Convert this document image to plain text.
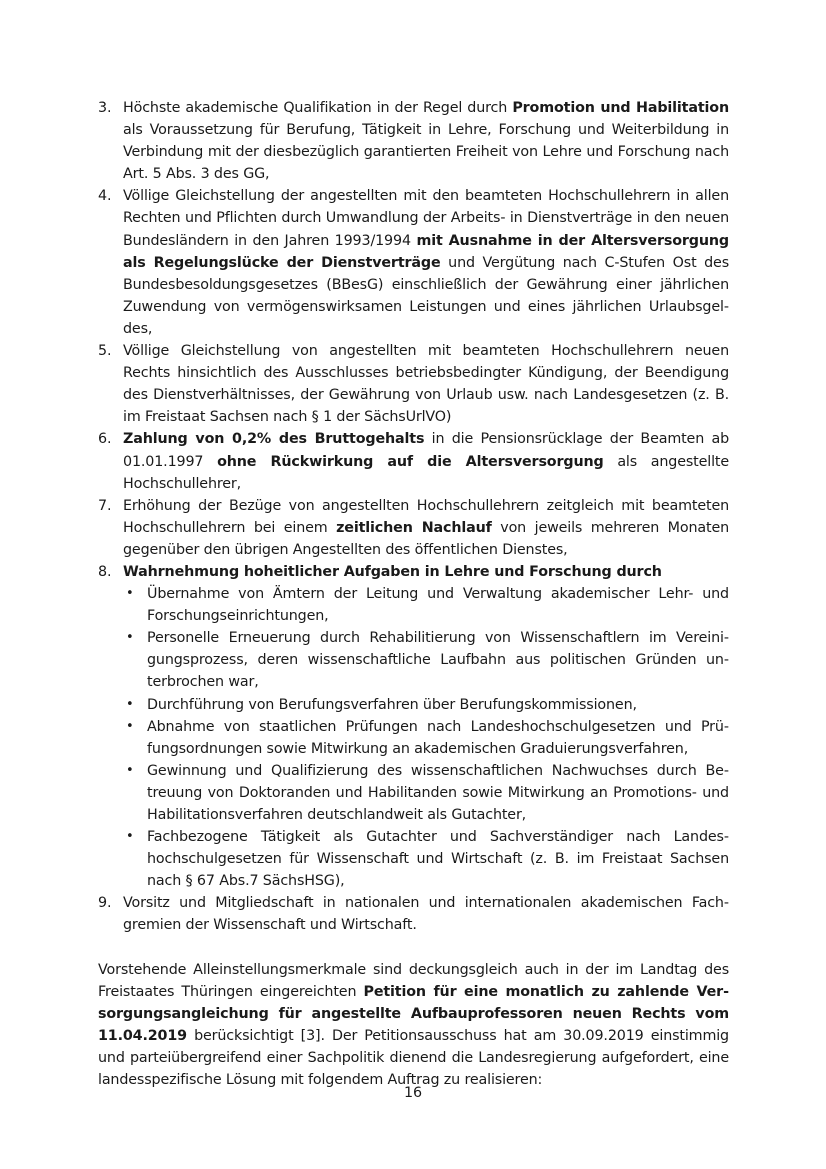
3. Höchste akademische Qualifikation in der Regel durch Promotion und Habilitation als Voraussetzung für Berufung, Tätigkeit in Lehre, Forschung und Weiterbildung in Verbindung mit der diesbezüglich garantierten Freiheit von Lehre und Forschung nach Art. 5 Abs. 3 des GG,
4. Völlige Gleichstellung der angestellten mit den beamteten Hochschullehrern in allen Rechten und Pflichten durch Umwandlung der Arbeits- in Dienstverträge in den neuen Bundesländern in den Jahren 1993/1994 mit Ausnahme in der Altersversorgung als Regelungslücke der Dienstverträge und Vergütung nach C-Stufen Ost des Bundesbesoldungsgesetzes (BBesG) einschließlich der Gewährung einer jährlichen Zuwendung von vermögenswirksamen Leistungen und eines jährlichen Urlaubsgeldes,
5. Völlige Gleichstellung von angestellten mit beamteten Hochschullehrern neuen Rechts hinsichtlich des Ausschlusses betriebsbedingter Kündigung, der Beendigung des Dienstverhältnisses, der Gewährung von Urlaub usw. nach Landesgesetzen (z. B. im Freistaat Sachsen nach § 1 der SächsUrlVO)
6. Zahlung von 0,2% des Bruttogehalts in die Pensionsrücklage der Beamten ab 01.01.1997 ohne Rückwirkung auf die Altersversorgung als angestellte Hochschullehrer,
7. Erhöhung der Bezüge von angestellten Hochschullehrern zeitgleich mit beamteten Hochschullehrern bei einem zeitlichen Nachlauf von jeweils mehreren Monaten gegenüber den übrigen Angestellten des öffentlichen Dienstes,
8. Wahrnehmung hoheitlicher Aufgaben in Lehre und Forschung durch
• Übernahme von Ämtern der Leitung und Verwaltung akademischer Lehr- und Forschungseinrichtungen,
• Personelle Erneuerung durch Rehabilitierung von Wissenschaftlern im Vereinigungsprozess, deren wissenschaftliche Laufbahn aus politischen Gründen unterbrochen war,
• Durchführung von Berufungsverfahren über Berufungskommissionen,
• Abnahme von staatlichen Prüfungen nach Landeshochschulgesetzen und Prüfungsordnungen sowie Mitwirkung an akademischen Graduierungsverfahren,
• Gewinnung und Qualifizierung des wissenschaftlichen Nachwuchses durch Betreuung von Doktoranden und Habilitanden sowie Mitwirkung an Promotions- und Habilitationsverfahren deutschlandweit als Gutachter,
• Fachbezogene Tätigkeit als Gutachter und Sachverständiger nach Landeshochschulgesetzen für Wissenschaft und Wirtschaft (z. B. im Freistaat Sachsen nach § 67 Abs.7 SächsHSG),
9. Vorsitz und Mitgliedschaft in nationalen und internationalen akademischen Fachgremien der Wissenschaft und Wirtschaft.

Vorstehende Alleinstellungsmerkmale sind deckungsgleich auch in der im Landtag des Freistaates Thüringen eingereichten Petition für eine monatlich zu zahlende Versorgungsangleichung für angestellte Aufbauprofessoren neuen Rechts vom 11.04.2019 berücksichtigt [3]. Der Petitionsausschuss hat am 30.09.2019 einstimmig und parteiübergreifend einer Sachpolitik dienend die Landesregierung aufgefordert, eine landesspezifische Lösung mit folgendem Auftrag zu realisieren:

16
